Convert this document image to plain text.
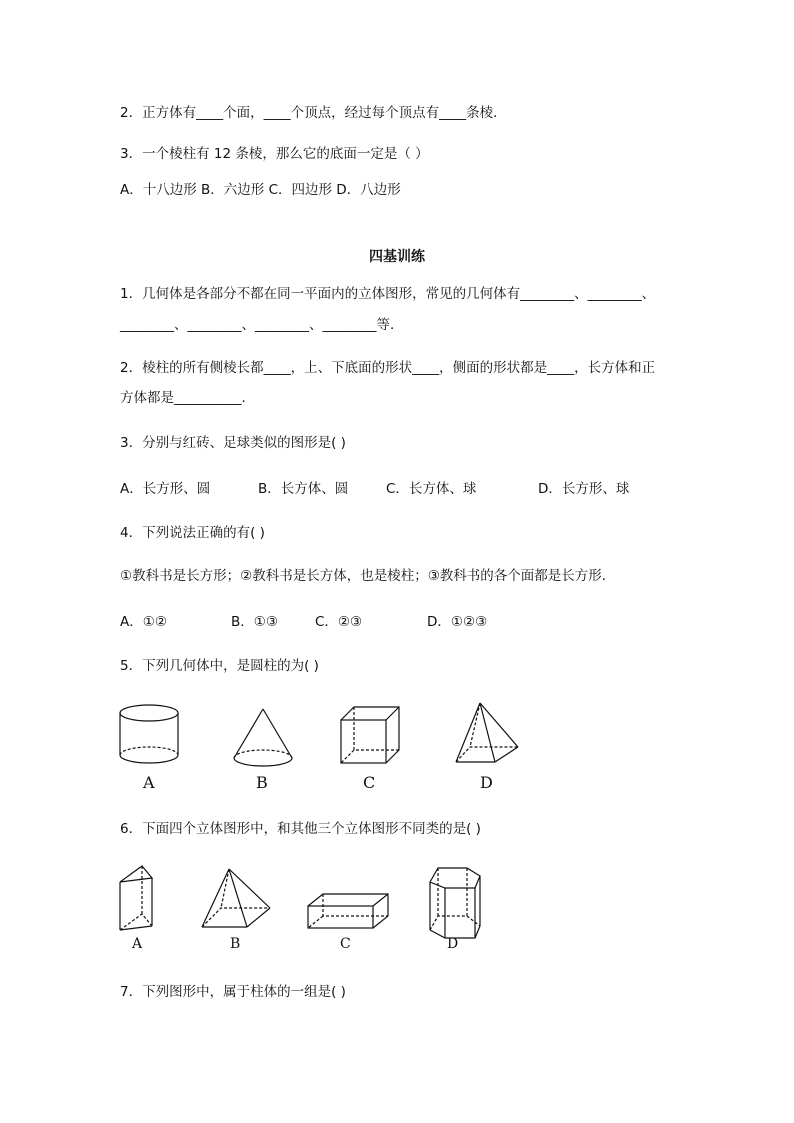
2．正方体有____个面，____个顶点，经过每个顶点有____条棱．
3．一个棱柱有 12 条棱，那么它的底面一定是（ ）
A．十八边形 B．六边形 C．四边形 D．八边形
四基训练
1．几何体是各部分不都在同一平面内的立体图形，常见的几何体有________、________、
________、________、________、________等．
2．棱柱的所有侧棱长都____，上、下底面的形状____，侧面的形状都是____，长方体和正
方体都是__________．
3．分别与红砖、足球类似的图形是( )
A．长方形、圆	B．长方体、圆	C．长方体、球	D．长方形、球
4．下列说法正确的有( )
①教科书是长方形；②教科书是长方体，也是棱柱；③教科书的各个面都是长方形．
A．①②	B．①③	C．②③	D．①②③
5．下列几何体中，是圆柱的为( )
A	B	C	D
6．下面四个立体图形中，和其他三个立体图形不同类的是( )
A	B	C	D
7．下列图形中，属于柱体的一组是( )
